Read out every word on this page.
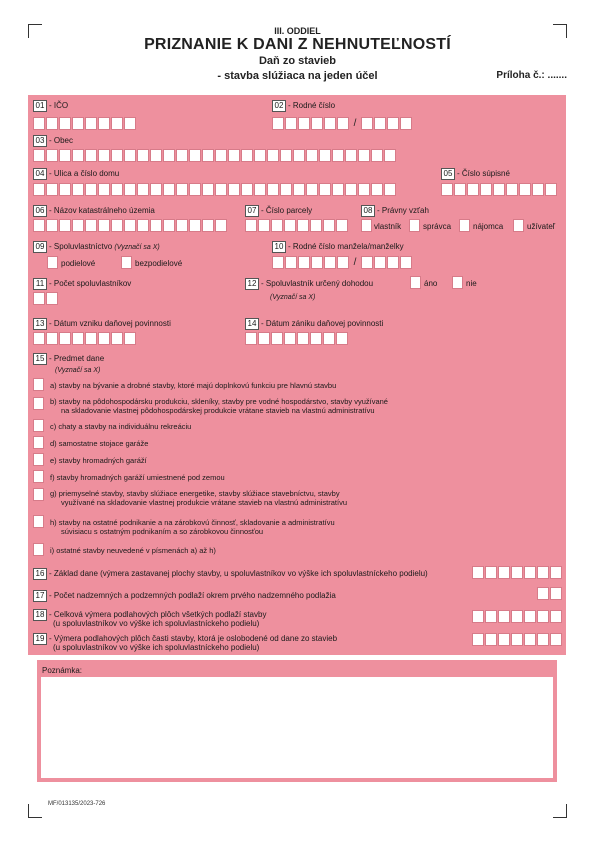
III. ODDIEL
PRIZNANIE K DANI Z NEHNUTEĽNOSTÍ
Daň zo stavieb
- stavba slúžiaca na jeden účel	Príloha č.: .......
01 - IČO	02 - Rodné číslo
/
03 - Obec
04 - Ulica a číslo domu	05 - Číslo súpisné
06 - Názov katastrálneho územia	07 - Číslo parcely	08 - Právny vzťah
vlastník	správca	nájomca	užívateľ
09 - Spoluvlastníctvo (Vyznačí sa X)
podielové	bezpodielové
10 - Rodné číslo manžela/manželky
/
11 - Počet spoluvlastníkov	12 - Spoluvlastník určený dohodou
(Vyznačí sa X)
áno	nie
13 - Dátum vzniku daňovej povinnosti	14 - Dátum zániku daňovej povinnosti
15 - Predmet dane
(Vyznačí sa X)
a) stavby na bývanie a drobné stavby, ktoré majú doplnkovú funkciu pre hlavnú stavbu
b) stavby na pôdohospodársku produkciu, skleníky, stavby pre vodné hospodárstvo, stavby využívané
na skladovanie vlastnej pôdohospodárskej produkcie vrátane stavieb na vlastnú administratívu
c) chaty a stavby na individuálnu rekreáciu
d) samostatne stojace garáže
e) stavby hromadných garáží
f) stavby hromadných garáží umiestnené pod zemou
g) priemyselné stavby, stavby slúžiace energetike, stavby slúžiace stavebníctvu, stavby
využívané na skladovanie vlastnej produkcie vrátane stavieb na vlastnú administratívu
h) stavby na ostatné podnikanie a na zárobkovú činnosť, skladovanie a administratívu
súvisiacu s ostatným podnikaním a so zárobkovou činnosťou
i) ostatné stavby neuvedené v písmenách a) až h)
16 - Základ dane (výmera zastavanej plochy stavby, u spoluvlastníkov vo výške ich spoluvlastníckeho podielu)
17 - Počet nadzemných a podzemných podlaží okrem prvého nadzemného podlažia
18 - Celková výmera podlahových plôch všetkých podlaží stavby
(u spoluvlastníkov vo výške ich spoluvlastníckeho podielu)
19 - Výmera podlahových plôch časti stavby, ktorá je oslobodené od dane zo stavieb
(u spoluvlastníkov vo výške ich spoluvlastníckeho podielu)
Poznámka:
MF/013135/2023-726
